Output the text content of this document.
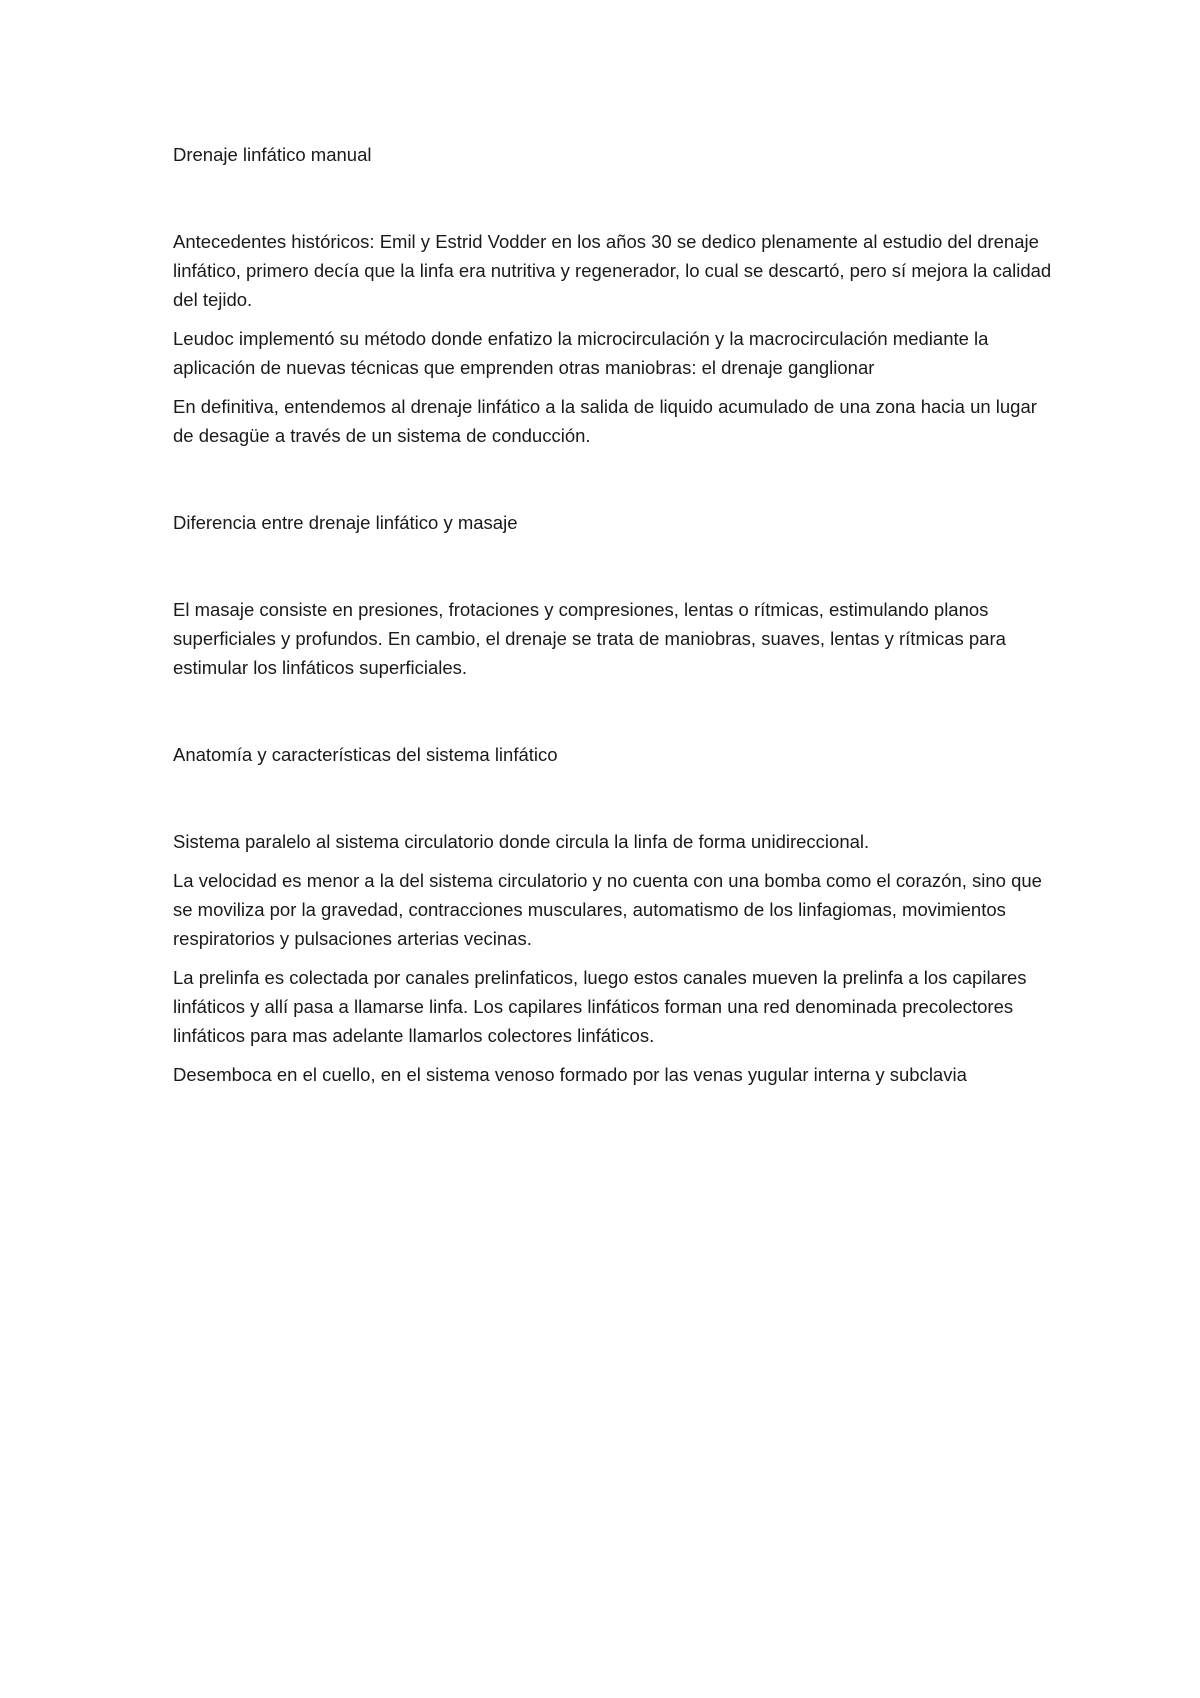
Drenaje linfático manual

Antecedentes históricos: Emil y Estrid Vodder en los años 30 se dedico plenamente al estudio del drenaje linfático, primero decía que la linfa era nutritiva y regenerador, lo cual se descartó, pero sí mejora la calidad del tejido.

Leudoc implementó su método donde enfatizo la microcirculación y la macrocirculación mediante la aplicación de nuevas técnicas que emprenden otras maniobras: el drenaje ganglionar

En definitiva, entendemos al drenaje linfático a la salida de liquido acumulado de una zona hacia un lugar de desagüe a través de un sistema de conducción.

Diferencia entre drenaje linfático y masaje

El masaje consiste en presiones, frotaciones y compresiones, lentas o rítmicas, estimulando planos superficiales y profundos. En cambio, el drenaje se trata de maniobras, suaves, lentas y rítmicas para estimular los linfáticos superficiales.

Anatomía y características del sistema linfático

Sistema paralelo al sistema circulatorio donde circula la linfa de forma unidireccional.

La velocidad es menor a la del sistema circulatorio y no cuenta con una bomba como el corazón, sino que se moviliza por la gravedad, contracciones musculares, automatismo de los linfagiomas, movimientos respiratorios y pulsaciones arterias vecinas.

La prelinfa es colectada por canales prelinfaticos, luego estos canales mueven la prelinfa a los capilares linfáticos y allí pasa a llamarse linfa. Los capilares linfáticos forman una red denominada precolectores linfáticos para mas adelante llamarlos colectores linfáticos.

Desemboca en el cuello, en el sistema venoso formado por las venas yugular interna y subclavia
